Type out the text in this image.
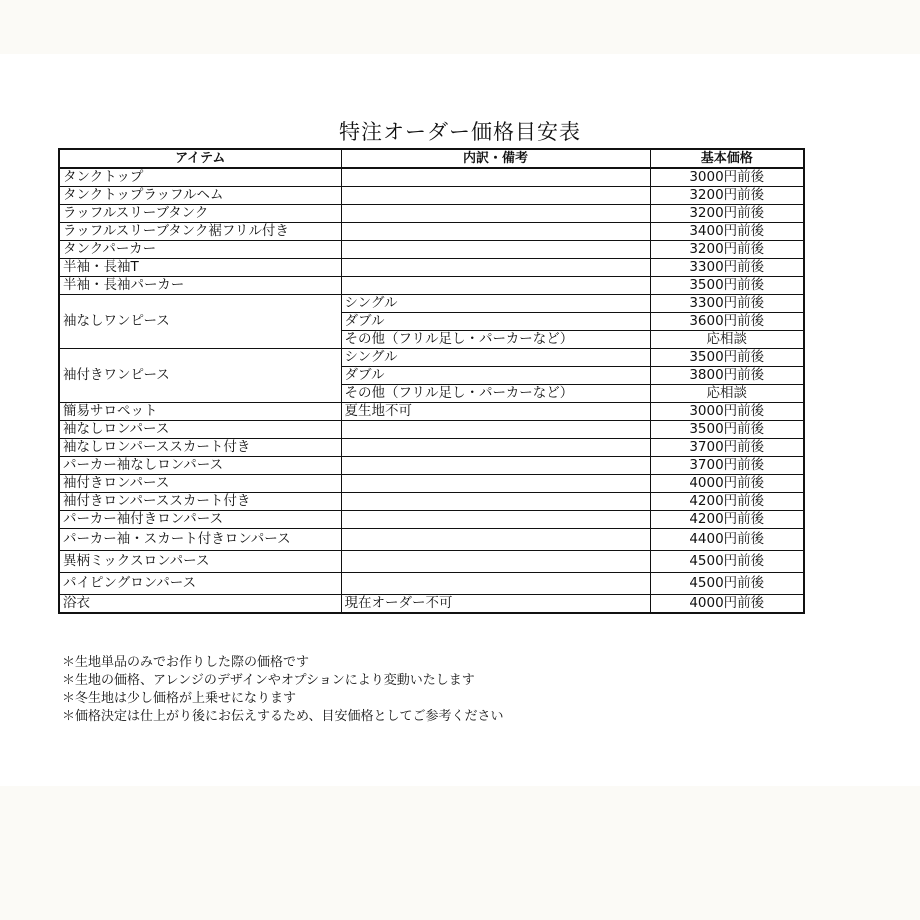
特注オーダー価格目安表
アイテム	内訳・備考	基本価格
タンクトップ		3000円前後
タンクトップラッフルヘム		3200円前後
ラッフルスリーブタンク		3200円前後
ラッフルスリーブタンク裾フリル付き		3400円前後
タンクパーカー		3200円前後
半袖・長袖T		3300円前後
半袖・長袖パーカー		3500円前後
袖なしワンピース	シングル	3300円前後
	ダブル	3600円前後
	その他（フリル足し・パーカーなど）	応相談
袖付きワンピース	シングル	3500円前後
	ダブル	3800円前後
	その他（フリル足し・パーカーなど）	応相談
簡易サロペット	夏生地不可	3000円前後
袖なしロンパース		3500円前後
袖なしロンパーススカート付き		3700円前後
パーカー袖なしロンパース		3700円前後
袖付きロンパース		4000円前後
袖付きロンパーススカート付き		4200円前後
パーカー袖付きロンパース		4200円前後
パーカー袖・スカート付きロンパース		4400円前後
異柄ミックスロンパース		4500円前後
パイピングロンパース		4500円前後
浴衣	現在オーダー不可	4000円前後
＊生地単品のみでお作りした際の価格です
＊生地の価格、アレンジのデザインやオプションにより変動いたします
＊冬生地は少し価格が上乗せになります
＊価格決定は仕上がり後にお伝えするため、目安価格としてご参考ください
